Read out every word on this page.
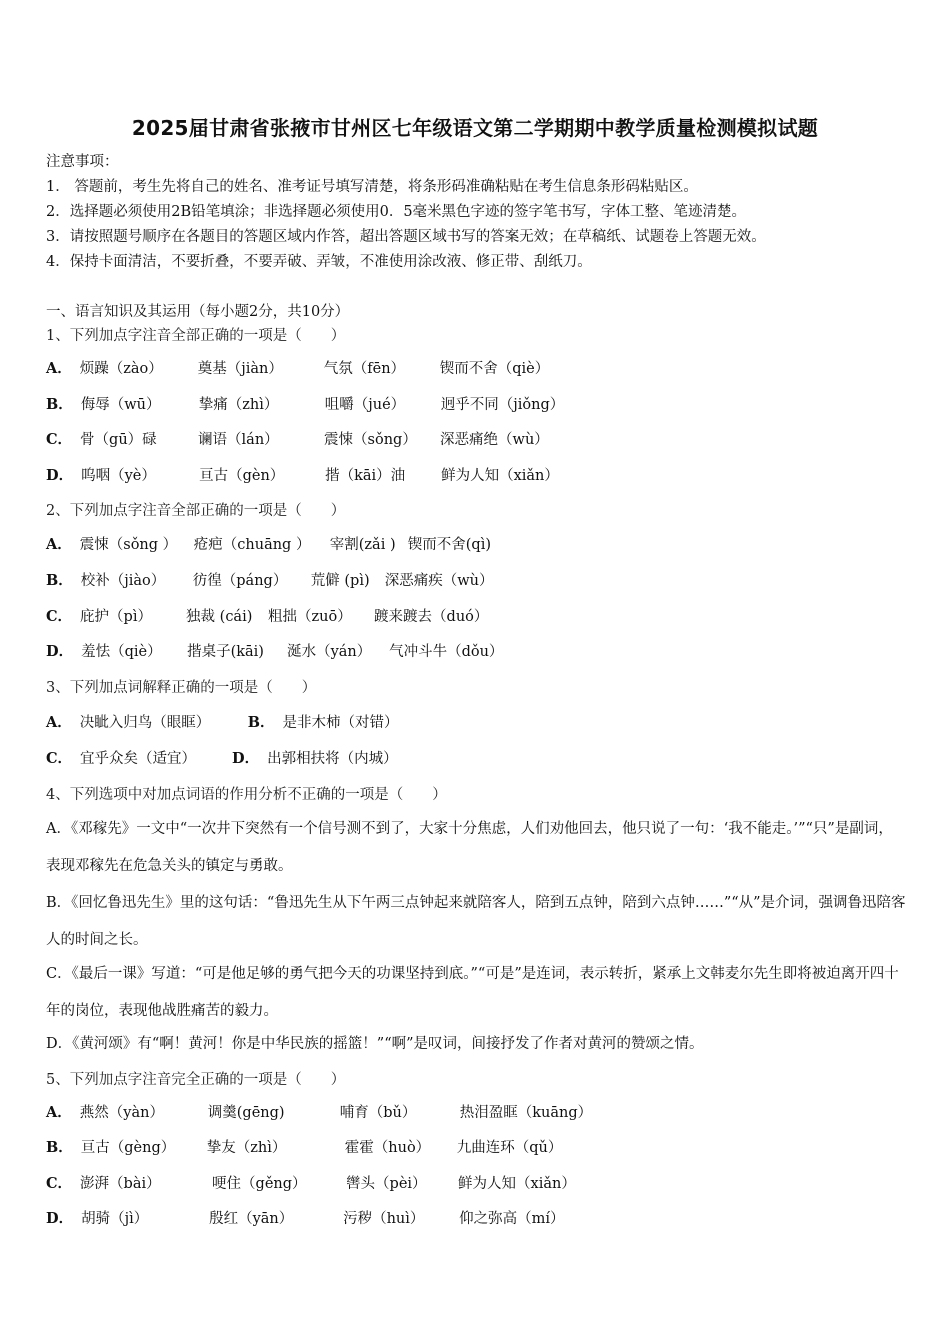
2025届甘肃省张掖市甘州区七年级语文第二学期期中教学质量检测模拟试题
注意事项：
1． 答题前，考生先将自己的姓名、准考证号填写清楚，将条形码准确粘贴在考生信息条形码粘贴区。
2．选择题必须使用2B铅笔填涂；非选择题必须使用0．5毫米黑色字迹的签字笔书写，字体工整、笔迹清楚。
3．请按照题号顺序在各题目的答题区域内作答，超出答题区域书写的答案无效；在草稿纸、试题卷上答题无效。
4．保持卡面清洁，不要折叠，不要弄破、弄皱，不准使用涂改液、修正带、刮纸刀。
一、语言知识及其运用（每小题2分，共10分）
1、下列加点字注音全部正确的一项是（　　）
A． 烦躁（zào） 奠基（jiàn）	气氛（fēn） 锲而不舍（qiè）
B． 侮辱（wū）	挚痛（zhì）	咀嚼（jué） 迥乎不同（jiǒng）
C． 骨（gū）碌	谰语（lán）	震悚（sǒng） 深恶痛绝（wù）
D． 呜咽（yè）	亘古（gèn）	揩（kāi）油 鲜为人知（xiǎn）
2、下列加点字注音全部正确的一项是（　　）
A． 震悚（sǒng ） 疮疤（chuāng ） 宰割(zǎi ) 锲而不舍(qì)
B． 校补（jiào） 彷徨（páng） 荒僻 (pì) 深恶痛疾（wù）
C． 庇护（pì） 独裁 (cái) 粗拙（zuō） 踱来踱去（duó）
D． 羞怯（qiè） 揩桌子(kāi) 涎水（yán） 气冲斗牛（dǒu）
3、下列加点词解释正确的一项是（　　）
A． 决眦入归鸟（眼眶）	B． 是非木柿（对错）
C． 宜乎众矣（适宜） D． 出郭相扶将（内城）
4、下列选项中对加点词语的作用分析不正确的一项是（　　）
A．《邓稼先》一文中“一次井下突然有一个信号测不到了，大家十分焦虑，人们劝他回去，他只说了一句：‘我不能走。’”“只”是副词，表现邓稼先在危急关头的镇定与勇敢。
B．《回忆鲁迅先生》里的这句话：“鲁迅先生从下午两三点钟起来就陪客人，陪到五点钟，陪到六点钟……”“从”是介词，强调鲁迅陪客人的时间之长。
C．《最后一课》写道：“可是他足够的勇气把今天的功课坚持到底。”“可是”是连词，表示转折，紧承上文韩麦尔先生即将被迫离开四十年的岗位，表现他战胜痛苦的毅力。
D．《黄河颂》有“啊！黄河！你是中华民族的摇篮！”“啊”是叹词，间接抒发了作者对黄河的赞颂之情。
5、下列加点字注音完全正确的一项是（　　）
A． 燕然（yàn）	调羹(gēng)	哺育（bǔ）	热泪盈眶（kuāng）
B． 亘古（gèng） 挚友（zhì）	霍霍（huò） 九曲连环（qǔ）
C． 澎湃（bài）	哽住（gěng）	辔头（pèi） 鲜为人知（xiǎn）
D． 胡骑（jì）	殷红（yān）	污秽（huì） 仰之弥高（mí）
